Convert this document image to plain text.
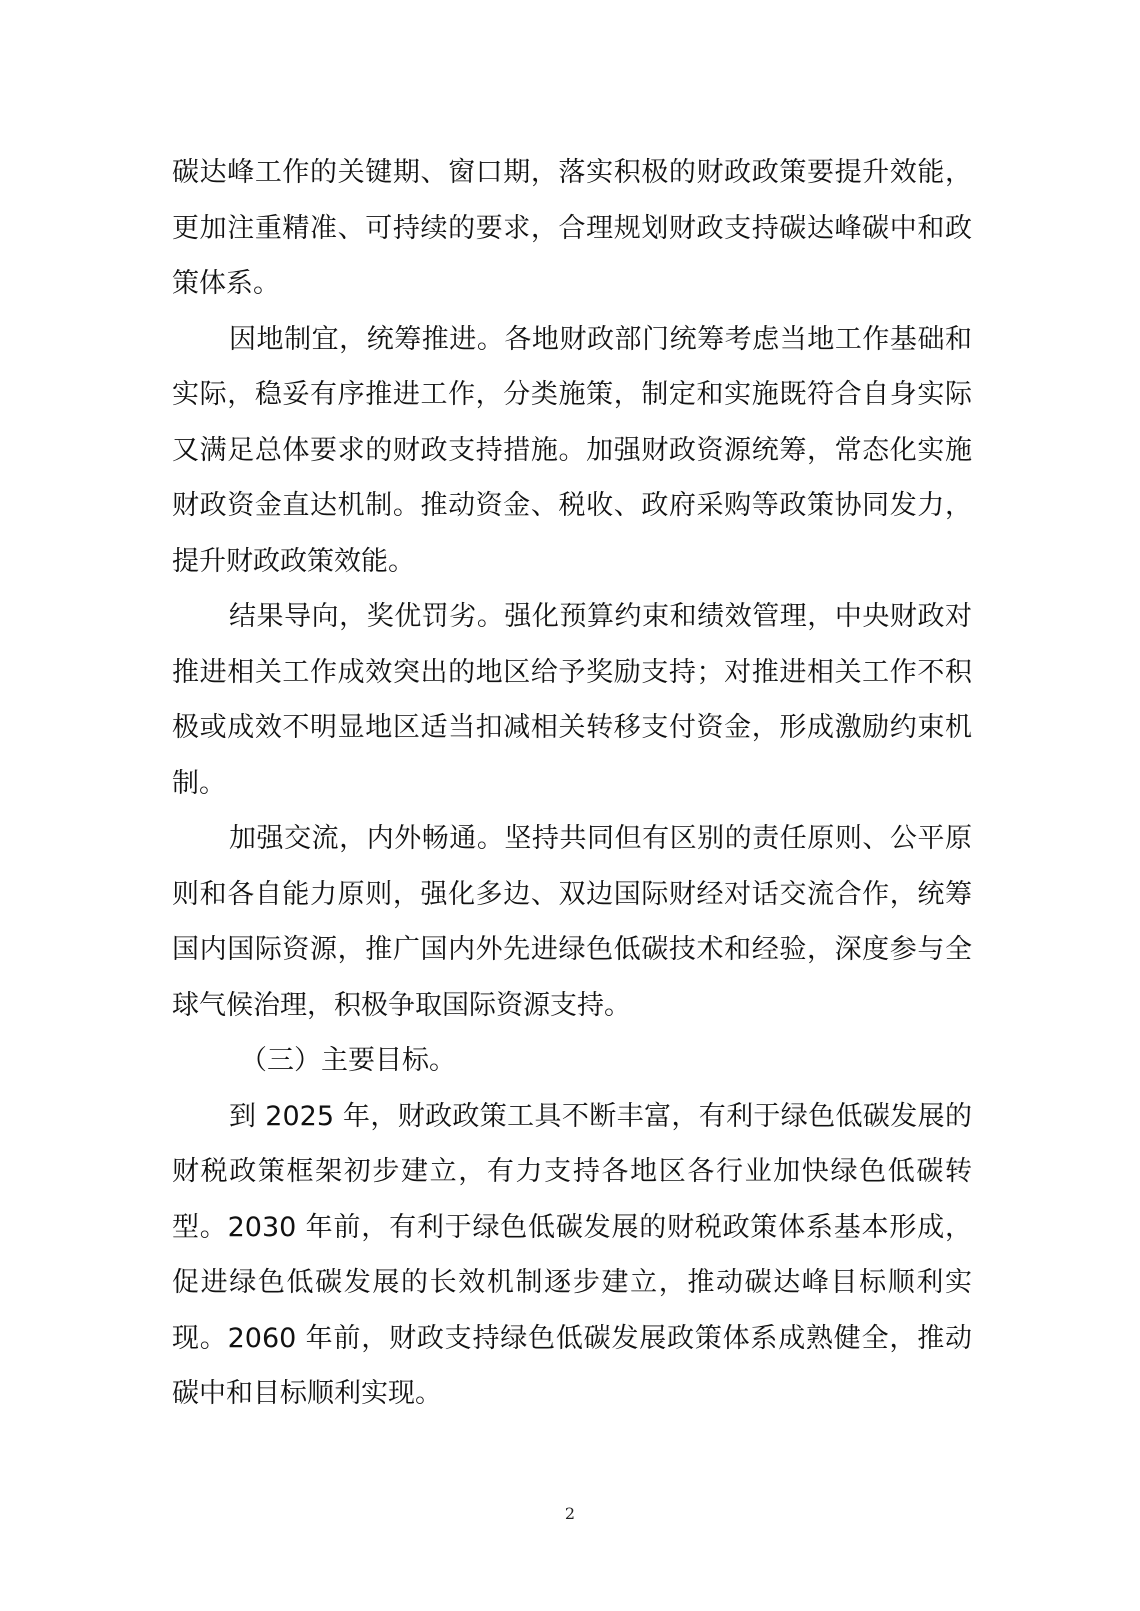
碳达峰工作的关键期、窗口期，落实积极的财政政策要提升效能，更加注重精准、可持续的要求，合理规划财政支持碳达峰碳中和政策体系。

因地制宜，统筹推进。各地财政部门统筹考虑当地工作基础和实际，稳妥有序推进工作，分类施策，制定和实施既符合自身实际又满足总体要求的财政支持措施。加强财政资源统筹，常态化实施财政资金直达机制。推动资金、税收、政府采购等政策协同发力，提升财政政策效能。

结果导向，奖优罚劣。强化预算约束和绩效管理，中央财政对推进相关工作成效突出的地区给予奖励支持；对推进相关工作不积极或成效不明显地区适当扣减相关转移支付资金，形成激励约束机制。

加强交流，内外畅通。坚持共同但有区别的责任原则、公平原则和各自能力原则，强化多边、双边国际财经对话交流合作，统筹国内国际资源，推广国内外先进绿色低碳技术和经验，深度参与全球气候治理，积极争取国际资源支持。

（三）主要目标。

到 2025 年，财政政策工具不断丰富，有利于绿色低碳发展的财税政策框架初步建立，有力支持各地区各行业加快绿色低碳转型。2030 年前，有利于绿色低碳发展的财税政策体系基本形成，促进绿色低碳发展的长效机制逐步建立，推动碳达峰目标顺利实现。2060 年前，财政支持绿色低碳发展政策体系成熟健全，推动碳中和目标顺利实现。

2
